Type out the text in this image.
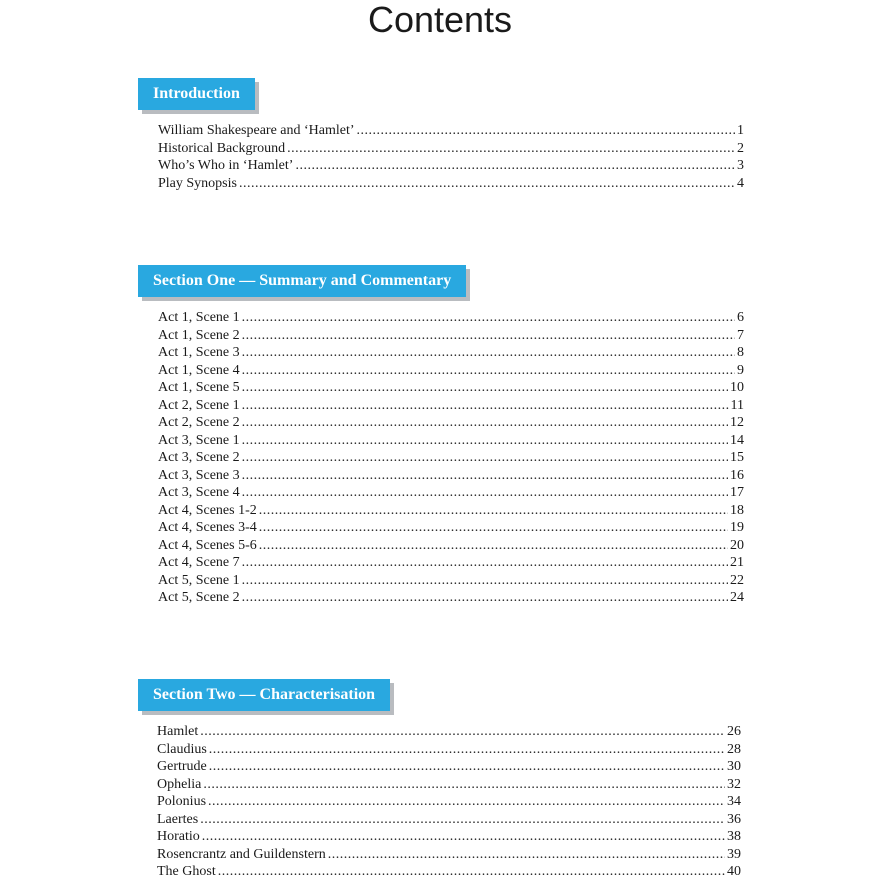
Contents
Introduction
William Shakespeare and ‘Hamlet’ .....	1
Historical Background .....	2
Who’s Who in ‘Hamlet’ .....	3
Play Synopsis .....	4
Section One — Summary and Commentary
Act 1, Scene 1 .....	6
Act 1, Scene 2 .....	7
Act 1, Scene 3 .....	8
Act 1, Scene 4 .....	9
Act 1, Scene 5 .....	10
Act 2, Scene 1 .....	11
Act 2, Scene 2 .....	12
Act 3, Scene 1 .....	14
Act 3, Scene 2 .....	15
Act 3, Scene 3 .....	16
Act 3, Scene 4 .....	17
Act 4, Scenes 1-2 .....	18
Act 4, Scenes 3-4 .....	19
Act 4, Scenes 5-6 .....	20
Act 4, Scene 7 .....	21
Act 5, Scene 1 .....	22
Act 5, Scene 2 .....	24
Section Two — Characterisation
Hamlet .....	26
Claudius .....	28
Gertrude .....	30
Ophelia .....	32
Polonius .....	34
Laertes .....	36
Horatio .....	38
Rosencrantz and Guildenstern .....	39
The Ghost .....	40
